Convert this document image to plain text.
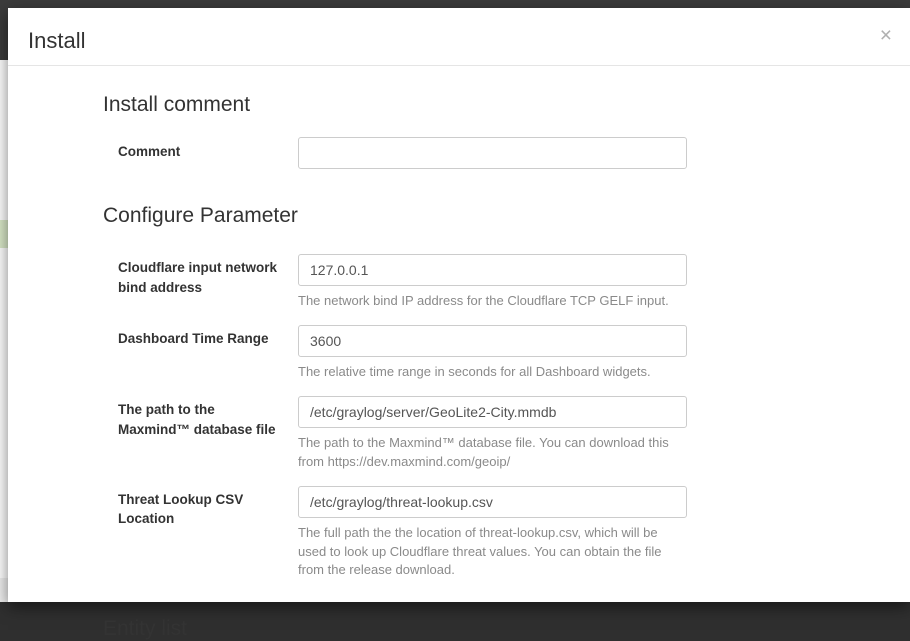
Install	×
Install comment
Comment
Configure Parameter
Cloudflare input network bind address
127.0.0.1

The network bind IP address for the Cloudflare TCP GELF input.

Dashboard Time Range
3600

The relative time range in seconds for all Dashboard widgets.

The path to the Maxmind™ database file
/etc/graylog/server/GeoLite2-City.mmdb

The path to the Maxmind™ database file. You can download this from https://dev.maxmind.com/geoip/

Threat Lookup CSV Location
/etc/graylog/threat-lookup.csv

The full path the the location of threat-lookup.csv, which will be used to look up Cloudflare threat values. You can obtain the file from the release download.

Entity list
